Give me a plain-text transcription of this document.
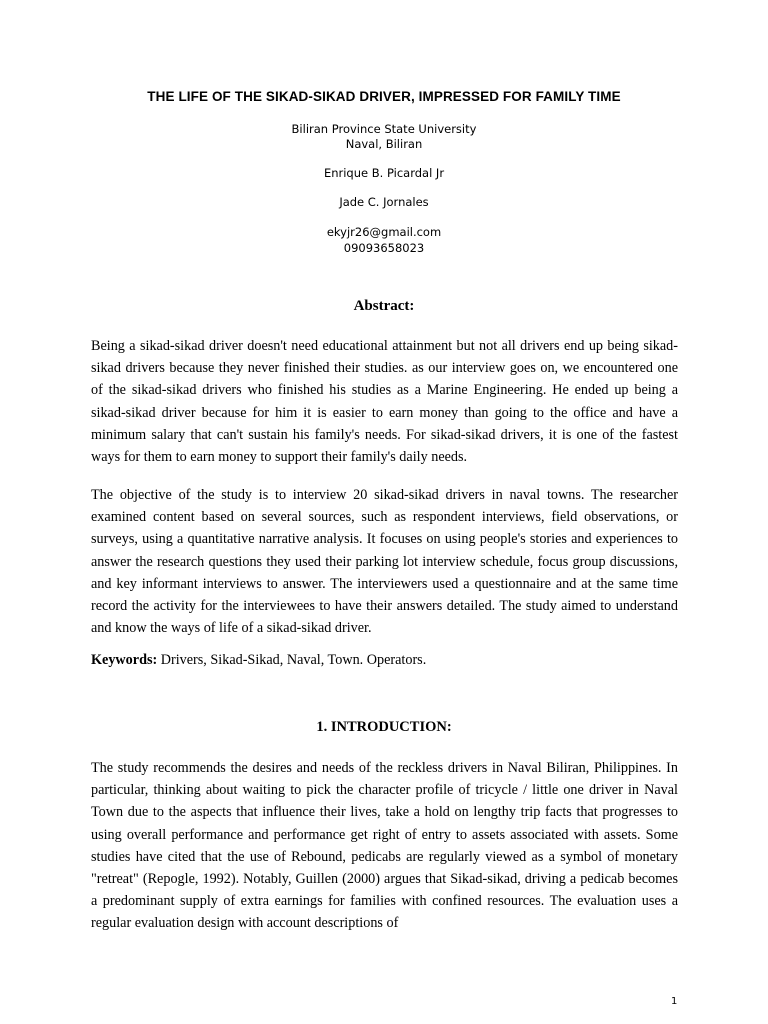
THE LIFE OF THE SIKAD-SIKAD DRIVER, IMPRESSED FOR FAMILY TIME
Biliran Province State University
Naval, Biliran
Enrique B. Picardal Jr
Jade C. Jornales
ekyjr26@gmail.com
09093658023
Abstract:

Being a sikad-sikad driver doesn't need educational attainment but not all drivers end up being sikad-sikad drivers because they never finished their studies. as our interview goes on, we encountered one of the sikad-sikad drivers who finished his studies as a Marine Engineering. He ended up being a sikad-sikad driver because for him it is easier to earn money than going to the office and have a minimum salary that can't sustain his family's needs. For sikad-sikad drivers, it is one of the fastest ways for them to earn money to support their family's daily needs.

The objective of the study is to interview 20 sikad-sikad drivers in naval towns. The researcher examined content based on several sources, such as respondent interviews, field observations, or surveys, using a quantitative narrative analysis. It focuses on using people's stories and experiences to answer the research questions they used their parking lot interview schedule, focus group discussions, and key informant interviews to answer. The interviewers used a questionnaire and at the same time record the activity for the interviewees to have their answers detailed. The study aimed to understand and know the ways of life of a sikad-sikad driver.

Keywords: Drivers, Sikad-Sikad, Naval, Town. Operators.

1. INTRODUCTION:

The study recommends the desires and needs of the reckless drivers in Naval Biliran, Philippines. In particular, thinking about waiting to pick the character profile of tricycle / little one driver in Naval Town due to the aspects that influence their lives, take a hold on lengthy trip facts that progresses to using overall performance and performance get right of entry to assets associated with assets. Some studies have cited that the use of Rebound, pedicabs are regularly viewed as a symbol of monetary "retreat" (Repogle, 1992). Notably, Guillen (2000) argues that Sikad-sikad, driving a pedicab becomes a predominant supply of extra earnings for families with confined resources. The evaluation uses a regular evaluation design with account descriptions of

1
